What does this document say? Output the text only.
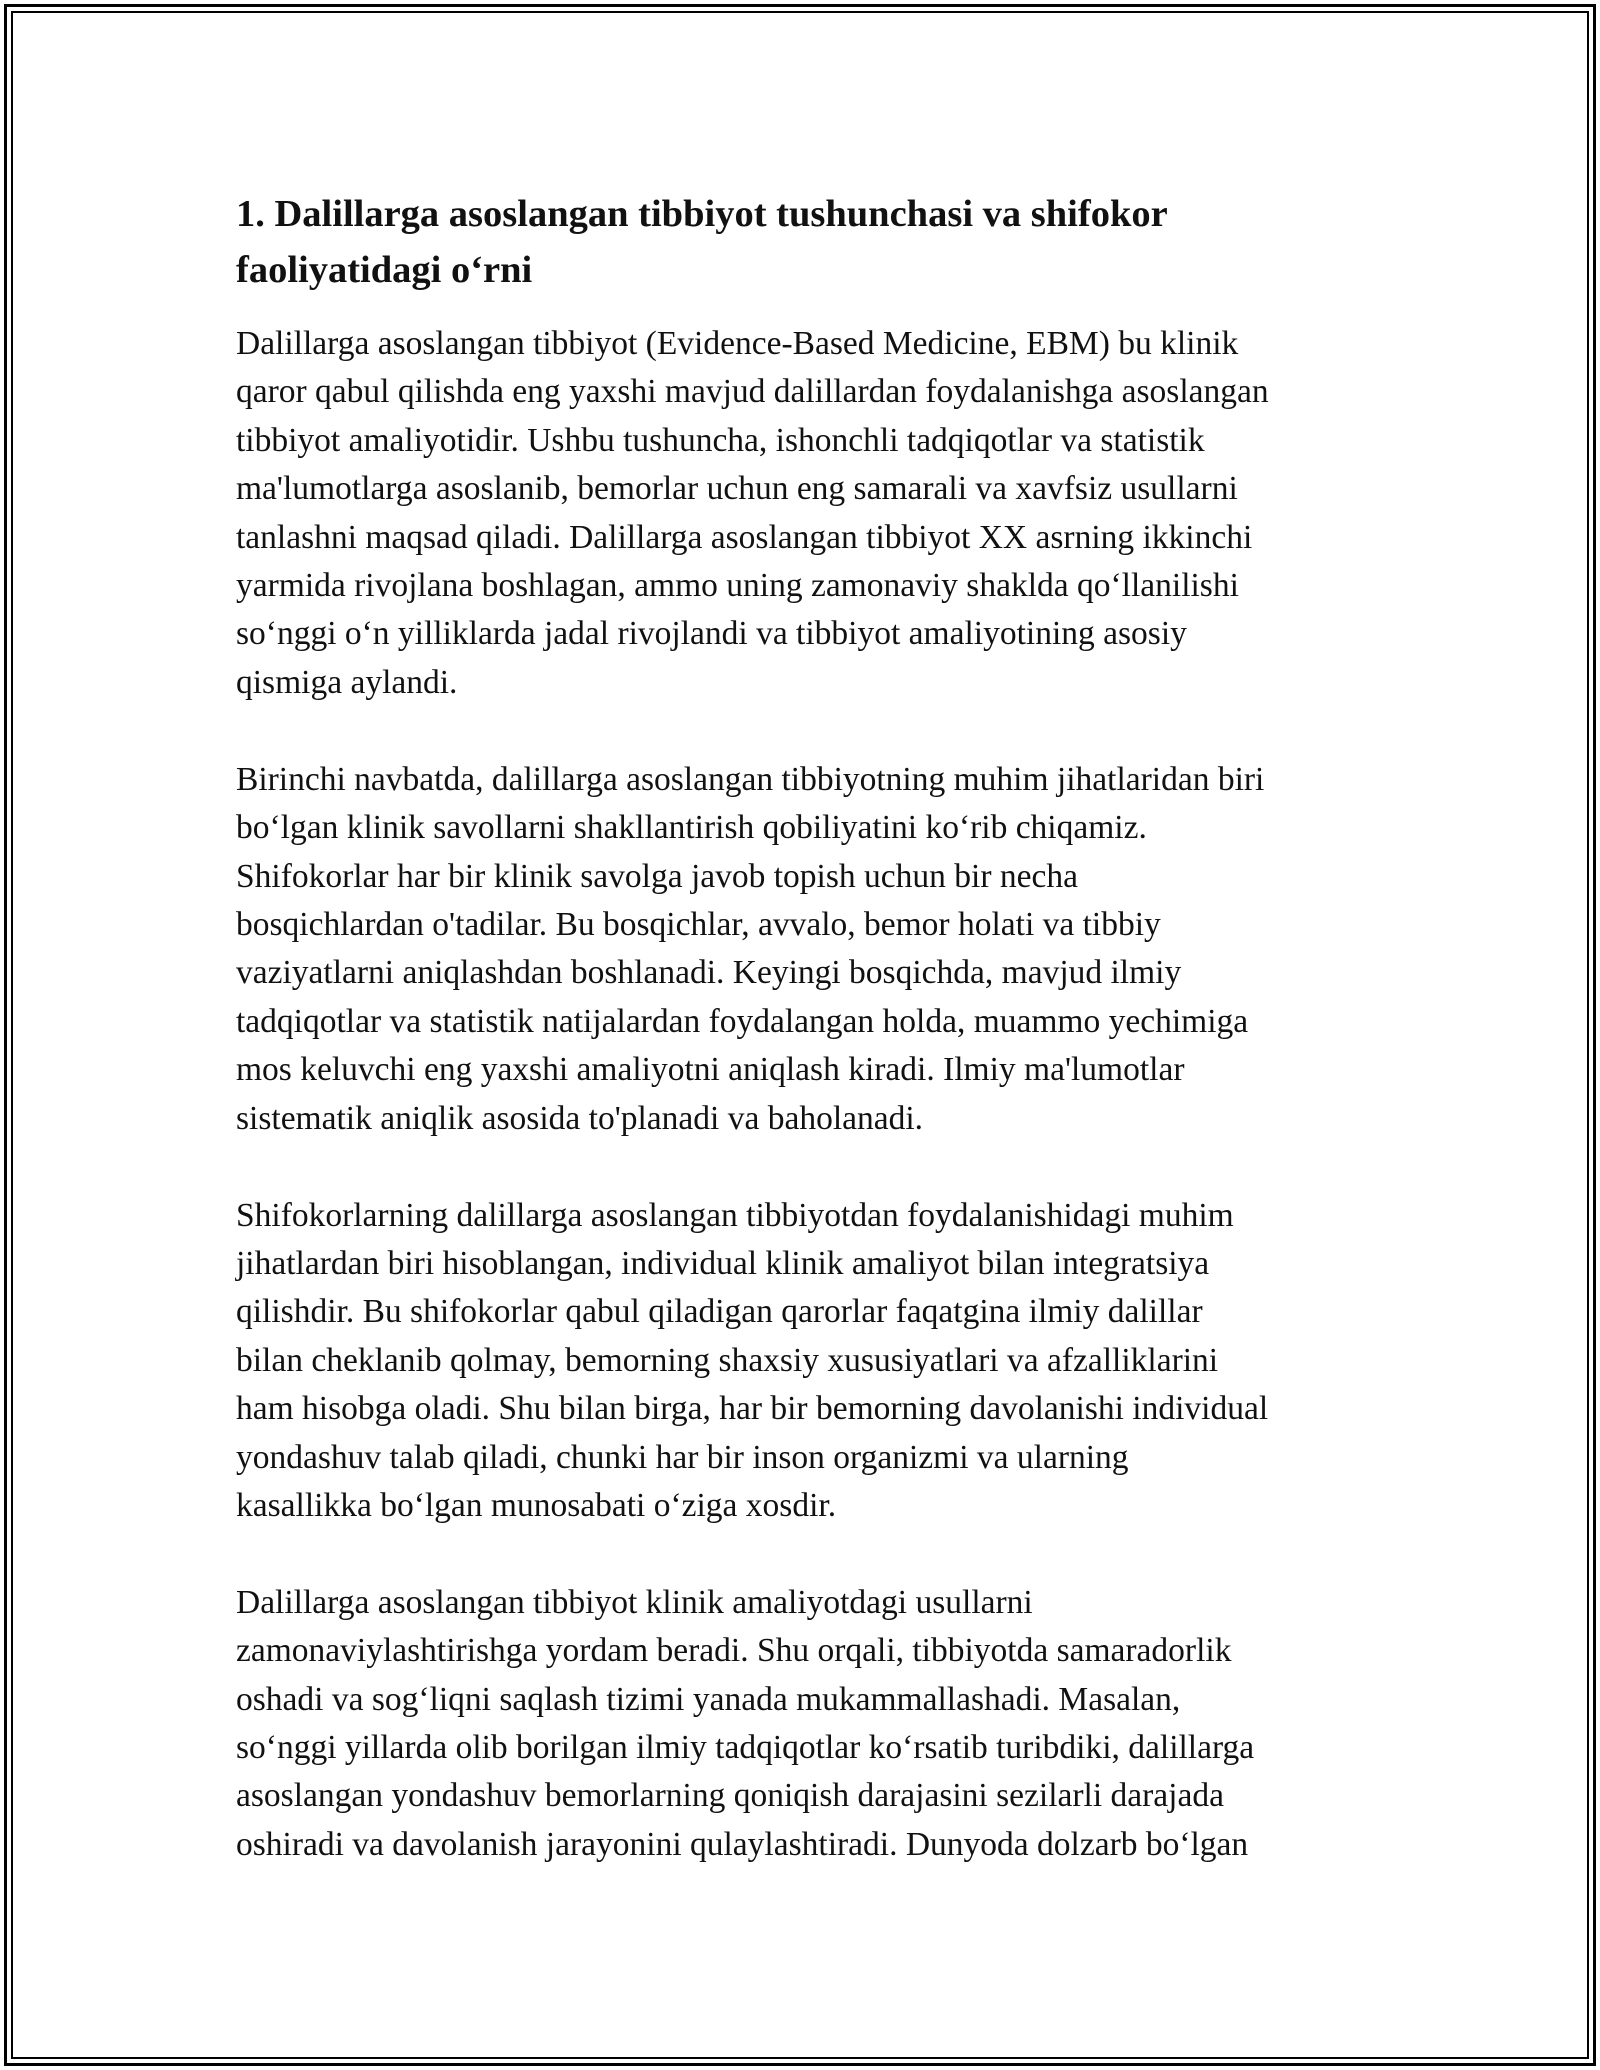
1. Dalillarga asoslangan tibbiyot tushunchasi va shifokor
faoliyatidagi o‘rni
Dalillarga asoslangan tibbiyot (Evidence-Based Medicine, EBM) bu klinik
qaror qabul qilishda eng yaxshi mavjud dalillardan foydalanishga asoslangan
tibbiyot amaliyotidir. Ushbu tushuncha, ishonchli tadqiqotlar va statistik
ma'lumotlarga asoslanib, bemorlar uchun eng samarali va xavfsiz usullarni
tanlashni maqsad qiladi. Dalillarga asoslangan tibbiyot XX asrning ikkinchi
yarmida rivojlana boshlagan, ammo uning zamonaviy shaklda qo‘llanilishi
so‘nggi o‘n yilliklarda jadal rivojlandi va tibbiyot amaliyotining asosiy
qismiga aylandi.
Birinchi navbatda, dalillarga asoslangan tibbiyotning muhim jihatlaridan biri
bo‘lgan klinik savollarni shakllantirish qobiliyatini ko‘rib chiqamiz.
Shifokorlar har bir klinik savolga javob topish uchun bir necha
bosqichlardan o'tadilar. Bu bosqichlar, avvalo, bemor holati va tibbiy
vaziyatlarni aniqlashdan boshlanadi. Keyingi bosqichda, mavjud ilmiy
tadqiqotlar va statistik natijalardan foydalangan holda, muammo yechimiga
mos keluvchi eng yaxshi amaliyotni aniqlash kiradi. Ilmiy ma'lumotlar
sistematik aniqlik asosida to'planadi va baholanadi.
Shifokorlarning dalillarga asoslangan tibbiyotdan foydalanishidagi muhim
jihatlardan biri hisoblangan, individual klinik amaliyot bilan integratsiya
qilishdir. Bu shifokorlar qabul qiladigan qarorlar faqatgina ilmiy dalillar
bilan cheklanib qolmay, bemorning shaxsiy xususiyatlari va afzalliklarini
ham hisobga oladi. Shu bilan birga, har bir bemorning davolanishi individual
yondashuv talab qiladi, chunki har bir inson organizmi va ularning
kasallikka bo‘lgan munosabati o‘ziga xosdir.
Dalillarga asoslangan tibbiyot klinik amaliyotdagi usullarni
zamonaviylashtirishga yordam beradi. Shu orqali, tibbiyotda samaradorlik
oshadi va sog‘liqni saqlash tizimi yanada mukammallashadi. Masalan,
so‘nggi yillarda olib borilgan ilmiy tadqiqotlar ko‘rsatib turibdiki, dalillarga
asoslangan yondashuv bemorlarning qoniqish darajasini sezilarli darajada
oshiradi va davolanish jarayonini qulaylashtiradi. Dunyoda dolzarb bo‘lgan
